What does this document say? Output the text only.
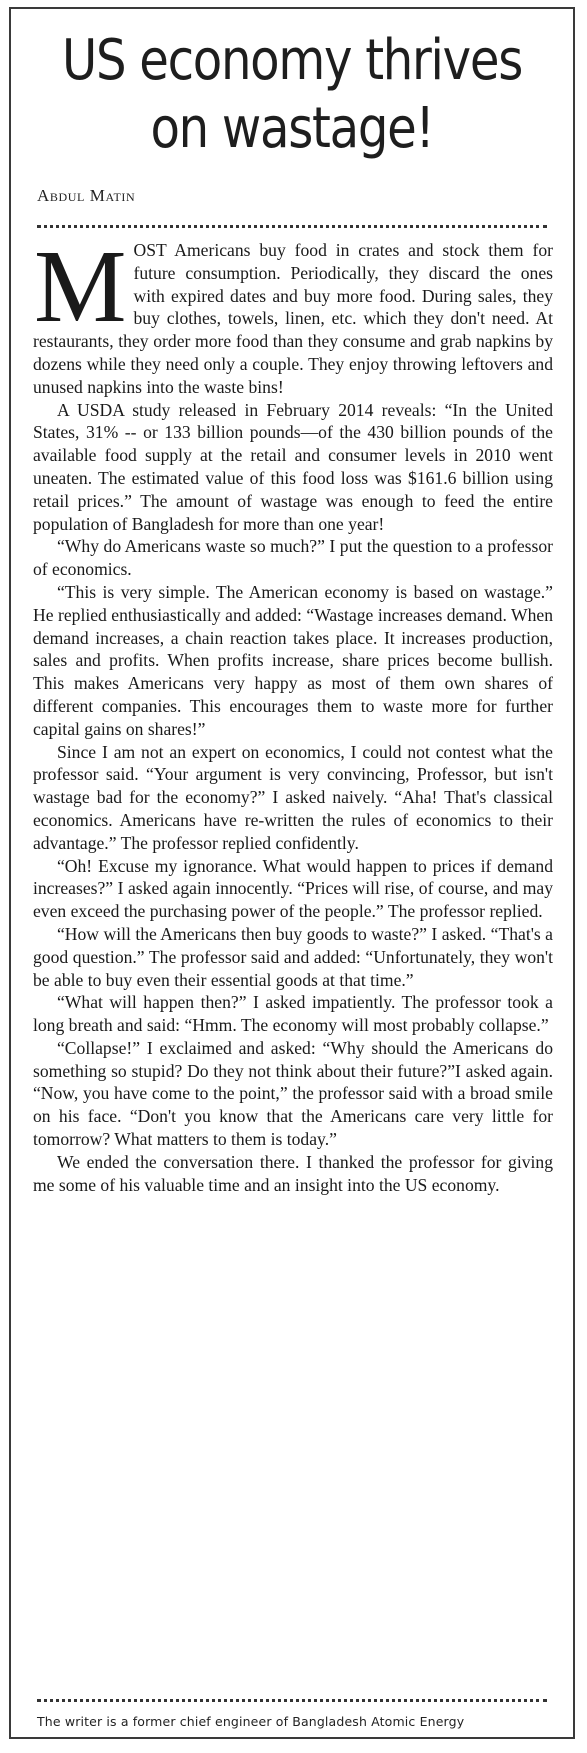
US economy thrives
on wastage!
Abdul Matin

MOST Americans buy food in crates and stock them for future consumption. Periodically, they discard the ones with expired dates and buy more food. During sales, they buy clothes, towels, linen, etc. which they don't need. At restaurants, they order more food than they consume and grab napkins by dozens while they need only a couple. They enjoy throwing leftovers and unused napkins into the waste bins!

A USDA study released in February 2014 reveals: “In the United States, 31% -- or 133 billion pounds—of the 430 billion pounds of the available food supply at the retail and consumer levels in 2010 went uneaten. The estimated value of this food loss was $161.6 billion using retail prices.” The amount of wastage was enough to feed the entire population of Bangladesh for more than one year!

“Why do Americans waste so much?” I put the question to a professor of economics.

“This is very simple. The American economy is based on wastage.” He replied enthusiastically and added: “Wastage increases demand. When demand increases, a chain reaction takes place. It increases production, sales and profits. When profits increase, share prices become bullish. This makes Americans very happy as most of them own shares of different companies. This encourages them to waste more for further capital gains on shares!”

Since I am not an expert on economics, I could not contest what the professor said. “Your argument is very convincing, Professor, but isn't wastage bad for the economy?” I asked naively. “Aha! That's classical economics. Americans have re-written the rules of economics to their advantage.” The professor replied confidently.

“Oh! Excuse my ignorance. What would happen to prices if demand increases?” I asked again innocently. “Prices will rise, of course, and may even exceed the purchasing power of the people.” The professor replied.

“How will the Americans then buy goods to waste?” I asked. “That's a good question.” The professor said and added: “Unfortunately, they won't be able to buy even their essential goods at that time.”

“What will happen then?” I asked impatiently. The professor took a long breath and said: “Hmm. The economy will most probably collapse.”

“Collapse!” I exclaimed and asked: “Why should the Americans do something so stupid? Do they not think about their future?”I asked again. “Now, you have come to the point,” the professor said with a broad smile on his face. “Don't you know that the Americans care very little for tomorrow? What matters to them is today.”

We ended the conversation there. I thanked the professor for giving me some of his valuable time and an insight into the US economy.

The writer is a former chief engineer of Bangladesh Atomic Energy
